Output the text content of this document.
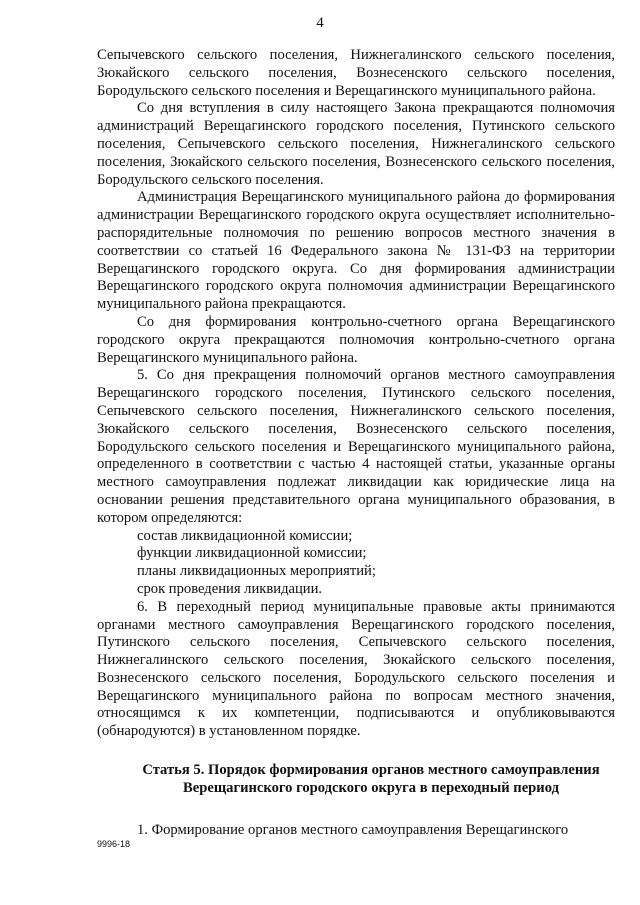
4

Сепычевского сельского поселения, Нижнегалинского сельского поселения, Зюкайского сельского поселения, Вознесенского сельского поселения, Бородульского сельского поселения и Верещагинского муниципального района.

Со дня вступления в силу настоящего Закона прекращаются полномочия администраций Верещагинского городского поселения, Путинского сельского поселения, Сепычевского сельского поселения, Нижнегалинского сельского поселения, Зюкайского сельского поселения, Вознесенского сельского поселения, Бородульского сельского поселения.

Администрация Верещагинского муниципального района до формирования администрации Верещагинского городского округа осуществляет исполнительно-распорядительные полномочия по решению вопросов местного значения в соответствии со статьей 16 Федерального закона № 131-ФЗ на территории Верещагинского городского округа. Со дня формирования администрации Верещагинского городского округа полномочия администрации Верещагинского муниципального района прекращаются.

Со дня формирования контрольно-счетного органа Верещагинского городского округа прекращаются полномочия контрольно-счетного органа Верещагинского муниципального района.

5. Со дня прекращения полномочий органов местного самоуправления Верещагинского городского поселения, Путинского сельского поселения, Сепычевского сельского поселения, Нижнегалинского сельского поселения, Зюкайского сельского поселения, Вознесенского сельского поселения, Бородульского сельского поселения и Верещагинского муниципального района, определенного в соответствии с частью 4 настоящей статьи, указанные органы местного самоуправления подлежат ликвидации как юридические лица на основании решения представительного органа муниципального образования, в котором определяются:

состав ликвидационной комиссии;

функции ликвидационной комиссии;

планы ликвидационных мероприятий;

срок проведения ликвидации.

6. В переходный период муниципальные правовые акты принимаются органами местного самоуправления Верещагинского городского поселения, Путинского сельского поселения, Сепычевского сельского поселения, Нижнегалинского сельского поселения, Зюкайского сельского поселения, Вознесенского сельского поселения, Бородульского сельского поселения и Верещагинского муниципального района по вопросам местного значения, относящимся к их компетенции, подписываются и опубликовываются (обнародуются) в установленном порядке.

Статья 5. Порядок формирования органов местного самоуправления
Верещагинского городского округа в переходный период

1. Формирование органов местного самоуправления Верещагинского

9996-18
